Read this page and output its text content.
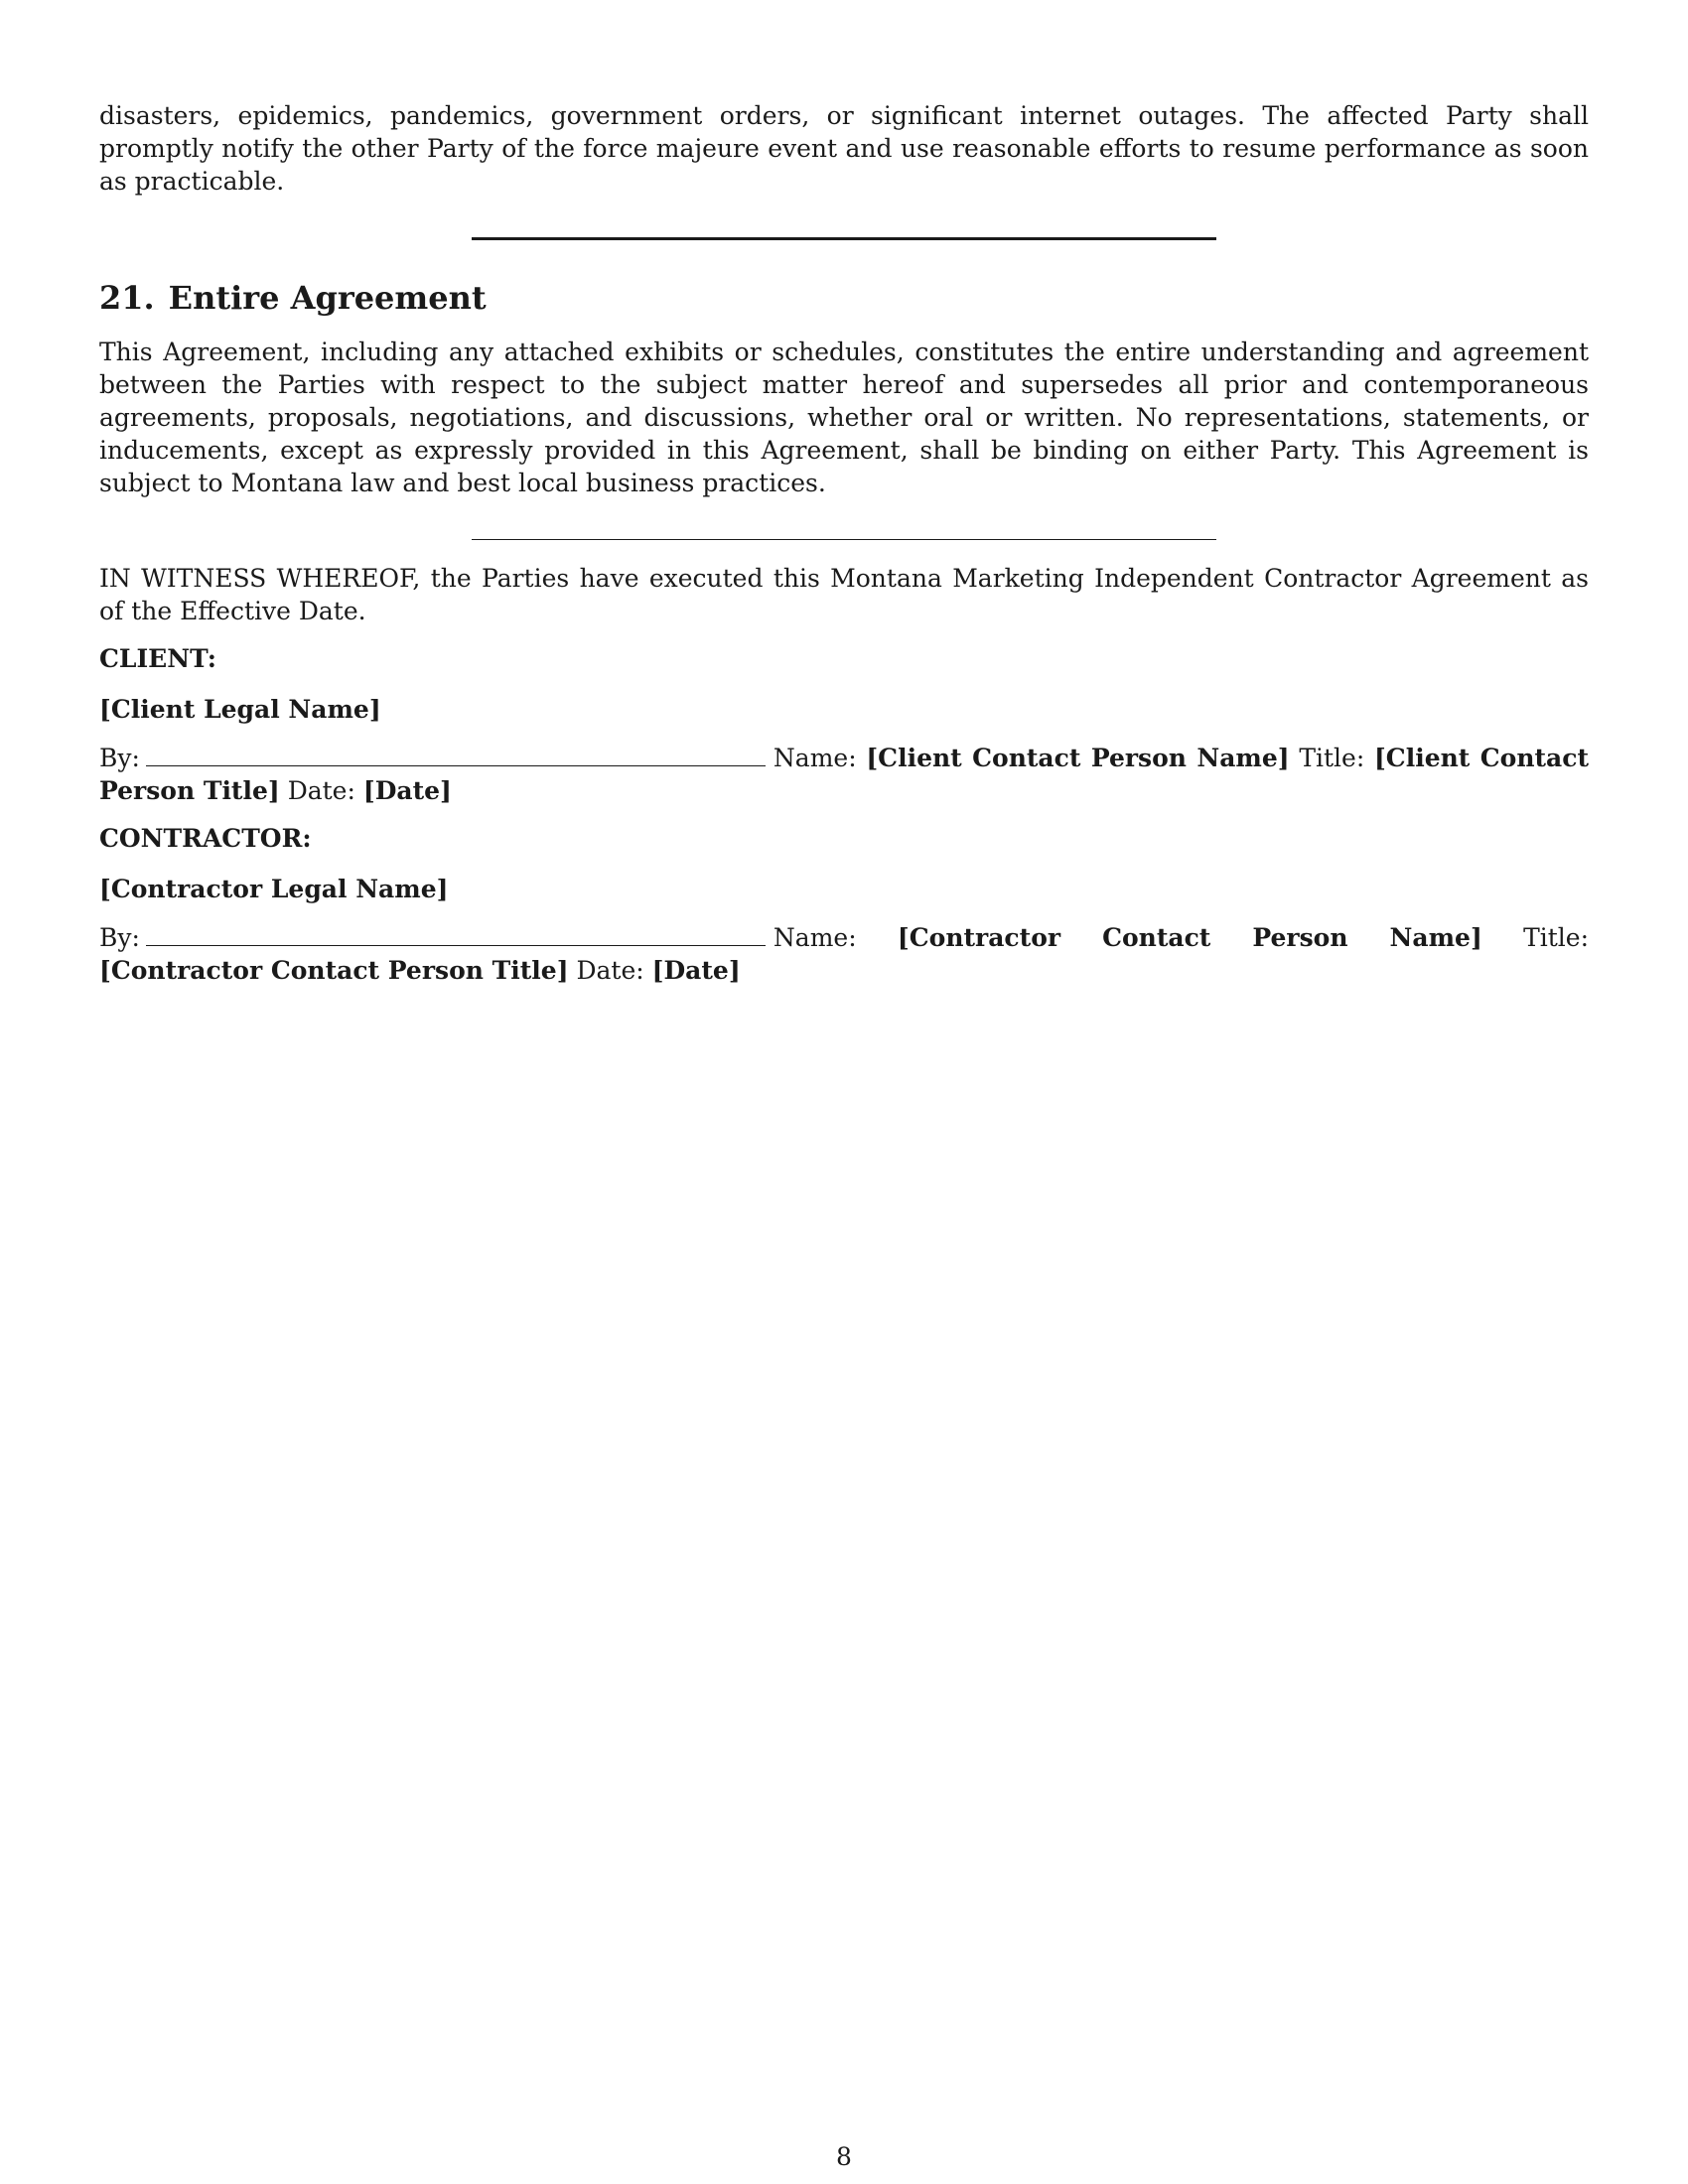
disasters, epidemics, pandemics, government orders, or significant internet outages. The affected Party shall promptly notify the other Party of the force majeure event and use reasonable efforts to resume performance as soon as practicable.

21. Entire Agreement

This Agreement, including any attached exhibits or schedules, constitutes the entire understanding and agreement between the Parties with respect to the subject matter hereof and supersedes all prior and contemporaneous agreements, proposals, negotiations, and discussions, whether oral or written. No representations, statements, or inducements, except as expressly provided in this Agreement, shall be binding on either Party. This Agreement is subject to Montana law and best local business practices.

IN WITNESS WHEREOF, the Parties have executed this Montana Marketing Independent Contractor Agreement as of the Effective Date.

CLIENT:

[Client Legal Name]

By:	Name: [Client Contact Person Name] Title: [Client Contact Person Title] Date: [Date]

CONTRACTOR:

[Contractor Legal Name]

By:	Name: [Contractor Contact Person Name] Title: [Contractor Contact Person Title] Date: [Date]

8
